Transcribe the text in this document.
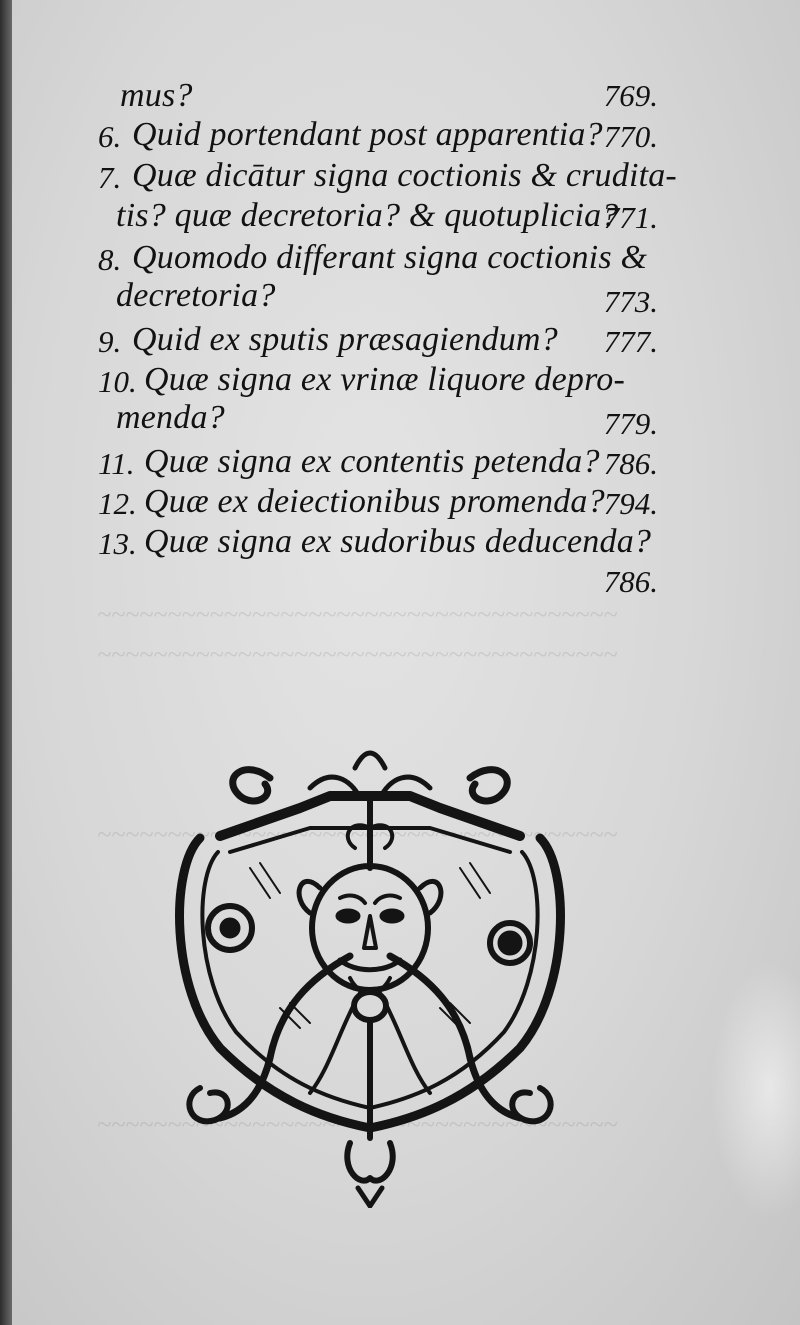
~~~~~~~~~~~~~~~~~~~~~~~~~~~~~~~~~~~~~
~~~~~~~~~~~~~~~~~~~~~~~~~~~~~~~~~~~~~
~~~~~~~~~~~~~~~~~~~~~~~~~~~~~~~~~~~~~
~~~~~~~~~~~~~~~~~~~~~~~~~~~~~~~~~~~~~
mus?	769.
6. Quid portendant post apparentia? 770.
7. Quæ dicātur signa coctionis & crudita-
tis? quæ decretoria? & quotuplicia?
771.
8. Quomodo differant signa coctionis &
decretoria?	773.
9. Quid ex sputis præsagiendum? 777.
10. Quæ signa ex vrinæ liquore depro-
menda?	779.
11. Quæ signa ex contentis petenda? 786.
12. Quæ ex deiectionibus promenda?
794.
13. Quæ signa ex sudoribus deducenda?
786.
